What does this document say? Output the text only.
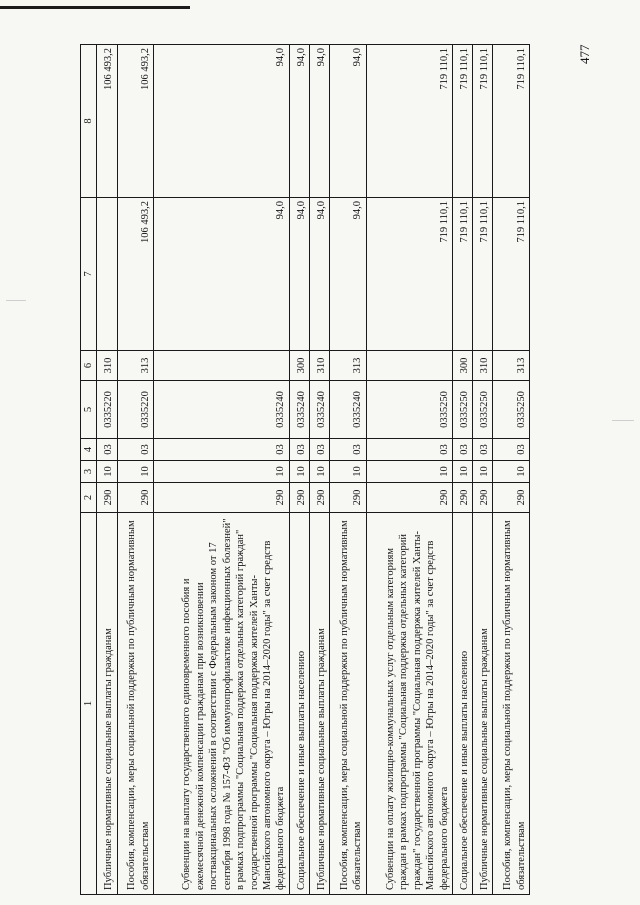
477
1	2	3	4	5	6	7	8
Публичные нормативные социальные выплаты гражданам	290	10	03	0335220	310		106 493,2
Пособия, компенсации, меры социальной поддержки по публичным нормативным обязательствам	290	10	03	0335220	313	106 493,2	106 493,2
Субвенции на выплату государственного единовременного пособия и ежемесячной денежной компенсации гражданам при возникновении поствакцинальных осложнений в соответствии с Федеральным законом от 17 сентября 1998 года № 157-ФЗ "Об иммунопрофилактике инфекционных болезней" в рамках подпрограммы "Социальная поддержка отдельных категорий граждан" государственной программы "Социальная поддержка жителей Ханты-Мансийского автономного округа – Югры на 2014–2020 годы" за счет средств федерального бюджета	290	10	03	0335240		94,0	94,0
Социальное обеспечение и иные выплаты населению	290	10	03	0335240	300	94,0	94,0
Публичные нормативные социальные выплаты гражданам	290	10	03	0335240	310	94,0	94,0
Пособия, компенсации, меры социальной поддержки по публичным нормативным обязательствам	290	10	03	0335240	313	94,0	94,0
Субвенции на оплату жилищно-коммунальных услуг отдельным категориям граждан в рамках подпрограммы "Социальная поддержка отдельных категорий граждан" государственной программы "Социальная поддержка жителей Ханты-Мансийского автономного округа – Югры на 2014–2020 годы" за счет средств федерального бюджета	290	10	03	0335250		719 110,1	719 110,1
Социальное обеспечение и иные выплаты населению	290	10	03	0335250	300	719 110,1	719 110,1
Публичные нормативные социальные выплаты гражданам	290	10	03	0335250	310	719 110,1	719 110,1
Пособия, компенсации, меры социальной поддержки по публичным нормативным обязательствам	290	10	03	0335250	313	719 110,1	719 110,1
